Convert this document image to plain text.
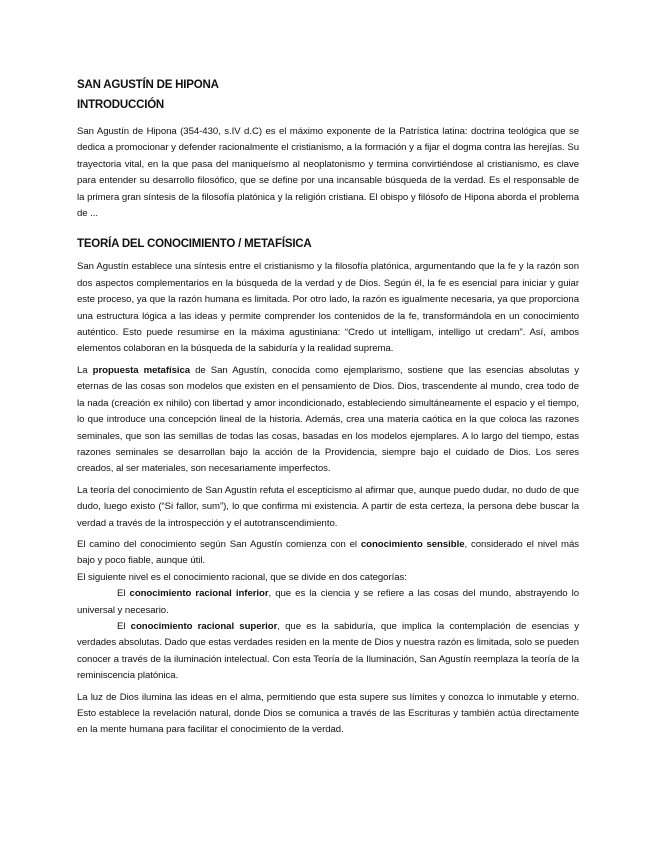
SAN AGUSTÍN DE HIPONA
INTRODUCCIÓN

San Agustín de Hipona (354-430, s.IV d.C) es el máximo exponente de la Patrística latina: doctrina teológica que se dedica a promocionar y defender racionalmente el cristianismo, a la formación y a fijar el dogma contra las herejías. Su trayectoria vital, en la que pasa del maniqueísmo al neoplatonismo y termina convirtiéndose al cristianismo, es clave para entender su desarrollo filosófico, que se define por una incansable búsqueda de la verdad. Es el responsable de la primera gran síntesis de la filosofía platónica y la religión cristiana. El obispo y filósofo de Hipona aborda el problema de ...

TEORÍA DEL CONOCIMIENTO / METAFÍSICA

San Agustín establece una síntesis entre el cristianismo y la filosofía platónica, argumentando que la fe y la razón son dos aspectos complementarios en la búsqueda de la verdad y de Dios. Según él, la fe es esencial para iniciar y guiar este proceso, ya que la razón humana es limitada. Por otro lado, la razón es igualmente necesaria, ya que proporciona una estructura lógica a las ideas y permite comprender los contenidos de la fe, transformándola en un conocimiento auténtico. Esto puede resumirse en la máxima agustiniana: “Credo ut intelligam, intelligo ut credam”. Así, ambos elementos colaboran en la búsqueda de la sabiduría y la realidad suprema.

La propuesta metafísica de San Agustín, conocida como ejemplarismo, sostiene que las esencias absolutas y eternas de las cosas son modelos que existen en el pensamiento de Dios. Dios, trascendente al mundo, crea todo de la nada (creación ex nihilo) con libertad y amor incondicionado, estableciendo simultáneamente el espacio y el tiempo, lo que introduce una concepción lineal de la historia. Además, crea una materia caótica en la que coloca las razones seminales, que son las semillas de todas las cosas, basadas en los modelos ejemplares. A lo largo del tiempo, estas razones seminales se desarrollan bajo la acción de la Providencia, siempre bajo el cuidado de Dios. Los seres creados, al ser materiales, son necesariamente imperfectos.

La teoría del conocimiento de San Agustín refuta el escepticismo al afirmar que, aunque puedo dudar, no dudo de que dudo, luego existo (“Si fallor, sum”), lo que confirma mi existencia. A partir de esta certeza, la persona debe buscar la verdad a través de la introspección y el autotranscendimiento.

El camino del conocimiento según San Agustín comienza con el conocimiento sensible, considerado el nivel más bajo y poco fiable, aunque útil.

El siguiente nivel es el conocimiento racional, que se divide en dos categorías:

El conocimiento racional inferior, que es la ciencia y se refiere a las cosas del mundo, abstrayendo lo universal y necesario.

El conocimiento racional superior, que es la sabiduría, que implica la contemplación de esencias y verdades absolutas. Dado que estas verdades residen en la mente de Dios y nuestra razón es limitada, solo se pueden conocer a través de la iluminación intelectual. Con esta Teoría de la Iluminación, San Agustín reemplaza la teoría de la reminiscencia platónica.

La luz de Dios ilumina las ideas en el alma, permitiendo que esta supere sus límites y conozca lo inmutable y eterno. Esto establece la revelación natural, donde Dios se comunica a través de las Escrituras y también actúa directamente en la mente humana para facilitar el conocimiento de la verdad.
